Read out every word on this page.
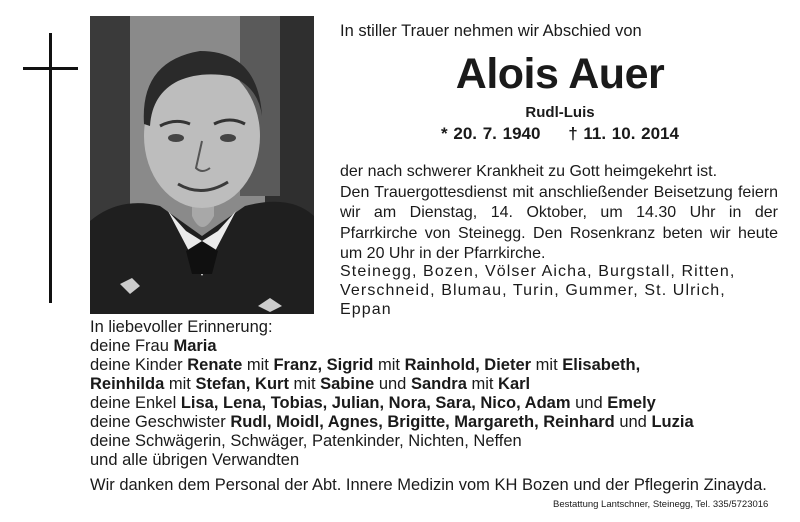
In stiller Trauer nehmen wir Abschied von
Alois Auer
Rudl-Luis
* 20. 7. 1940 † 11. 10. 2014

der nach schwerer Krankheit zu Gott heimgekehrt ist.

Den Trauergottesdienst mit anschließender Beisetzung feiern wir am Dienstag, 14. Oktober, um 14.30 Uhr in der Pfarrkirche von Steinegg. Den Rosenkranz beten wir heute um 20 Uhr in der Pfarrkirche.

Steinegg, Bozen, Völser Aicha, Burgstall, Ritten, Verschneid, Blumau, Turin, Gummer, St. Ulrich, Eppan
In liebevoller Erinnerung:
deine Frau Maria
deine Kinder Renate mit Franz, Sigrid mit Rainhold, Dieter mit Elisabeth,
Reinhilda mit Stefan, Kurt mit Sabine und Sandra mit Karl
deine Enkel Lisa, Lena, Tobias, Julian, Nora, Sara, Nico, Adam und Emely
deine Geschwister Rudl, Moidl, Agnes, Brigitte, Margareth, Reinhard und Luzia
deine Schwägerin, Schwäger, Patenkinder, Nichten, Neffen
und alle übrigen Verwandten
Wir danken dem Personal der Abt. Innere Medizin vom KH Bozen und der Pflegerin Zinayda.
Bestattung Lantschner, Steinegg, Tel. 335/5723016
